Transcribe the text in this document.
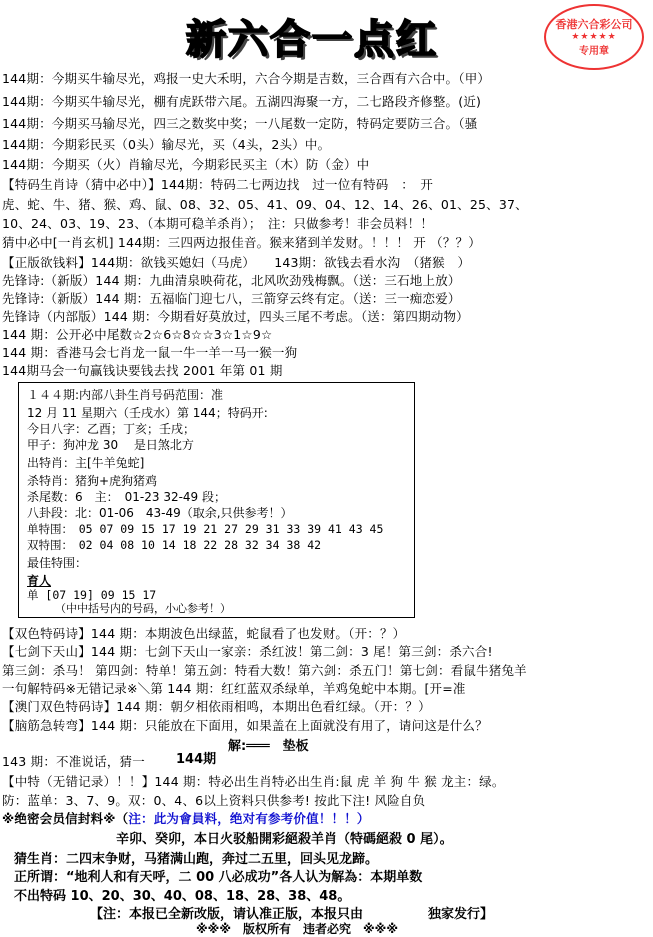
新六合一点红	香港六合彩公司
★★★★★
专用章
144期：今期买牛输尽光，鸡报一史大禾明，六合今期是吉数，三合酉有六合中。（甲）
144期：今期买牛输尽光，棚有虎跃带六尾。五湖四海聚一方，二七路段齐修整。(近)
144期：今期买马输尽光，四三之数奖中奖；一八尾数一定防，特码定要防三合。（骚
144期：今期彩民买（0头）输尽光，买（4头，2头）中。
144期：今期买（火）肖输尽光，今期彩民买主（木）防（金）中
【特码生肖诗（猜中必中）】144期：特码二七两边找　过一位有特码　：　开
虎、蛇、牛、猪、猴、鸡、鼠、08、32、05、41、09、04、12、14、26、01、25、37、
10、24、03、19、23、（本期可稳羊杀肖）；　注：只做参考！非会员料！！
猜中必中[一肖玄机] 144期：三四两边报佳音。猴来猪到羊发财。！！！ 开 （？？）
【正版欲钱料】144期：欲钱买媳妇（马虎）　　143期：欲钱去看水沟　（猪猴　）
先锋诗:（新版）144 期：九曲清泉映荷花，北风吹劲残梅飘。（送：三石地上放）
先锋诗:（新版）144 期：五福临门迎七八，三箭穿云终有定。（送：三一痴恋爱）
先锋诗（内部版）144 期：今期看好莫放过，四头三尾不考虑。（送：第四期动物）
144 期：公开必中尾数☆2☆6☆8☆☆3☆1☆9☆
144 期：香港马会七肖龙一鼠一牛一羊一马一猴一狗
144期马会一句赢钱诀要钱去找 2001 年第 01 期
１４４期:内部八卦生肖号码范围：准
12 月 11 星期六（壬戌水）第 144；特码开:
今日八字：乙酉；丁亥；壬戌；
甲子：狗冲龙 30　 是日煞北方
出特肖：主[牛羊兔蛇]
杀特肖：猪狗+虎狗猪鸡
杀尾数：6　主：　01-23 32-49 段；
八卦段：北：01-06　43-49（取余,只供参考！）
单特围：　05 07 09 15 17 19 21 27 29 31 33 39 41 43 45
双特围：　02 04 08 10 14 18 22 28 32 34 38 42
最佳特围：
育人
单 [07 19] 09 15 17
（中中括号内的号码，小心参考！）
【双色特码诗】144 期：本期波色出绿蓝，蛇鼠看了也发财。（开：？）
【七剑下天山】144 期：七剑下天山一家亲：杀红波！第二剑：3 尾！第三剑：杀六合!
第三剑：杀马！ 第四剑：特单！第五剑：特看大数！第六剑：杀五门！第七剑：看鼠牛猪兔羊
一句解特码※无错记录※＼第 144 期：红红蓝双杀绿单，羊鸡兔蛇中本期。[开=准
【澳门双色特码诗】144 期：朝夕相依雨相鸣，本期出色看红绿。（开：？）
【脑筋急转弯】144 期：只能放在下面用，如果盖在上面就没有用了，请问这是什么？
解:═══　垫板
143 期：不准说话，猜一 144期
【中特（无错记录）！！】144 期：特必出生肖特必出生肖:鼠 虎 羊 狗 牛 猴 龙主：绿。
防：蓝单：3、7、9。双：0、4、6以上资料只供参考! 按此下注! 风险自负
※绝密会员信封料※（注：此为會員料，绝对有参考价值！！！）
辛卯、癸卯，本日火驳船開彩絕殺羊肖（特碼絕殺 0 尾）。
猜生肖：二四末争财，马猪满山跑，奔过二五里，回头见龙蹄。
正所谓：“地利人和有天呼，二 00 八必成功”各人认为解為：本期单数
不出特码 10、20、30、40、08、18、28、38、48。
【注：本报已全新改版，请认准正版，本报只由　　　　　独家发行】
※※※　版权所有　违者必究　※※※
